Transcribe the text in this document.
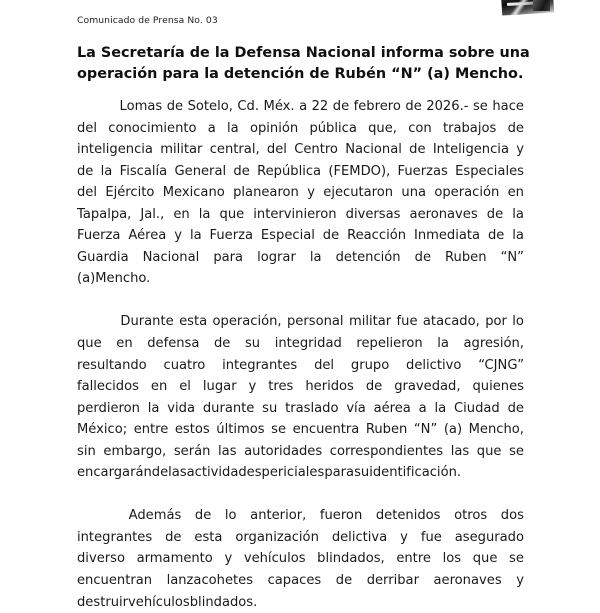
Comunicado de Prensa No. 03
La Secretaría de la Defensa Nacional informa sobre una
operación para la detención de Rubén “N” (a) Mencho.

Lomas de Sotelo, Cd. Méx. a 22 de febrero de 2026.- se hace
del conocimiento a la opinión pública que, con trabajos de
inteligencia militar central, del Centro Nacional de Inteligencia y
de la Fiscalía General de República (FEMDO), Fuerzas Especiales
del Ejército Mexicano planearon y ejecutaron una operación en
Tapalpa, Jal., en la que intervinieron diversas aeronaves de la
Fuerza Aérea y la Fuerza Especial de Reacción Inmediata de la
Guardia Nacional para lograr la detención de Ruben “N”
(a) Mencho.

Durante esta operación, personal militar fue atacado, por lo
que en defensa de su integridad repelieron la agresión,
resultando cuatro integrantes del grupo delictivo “CJNG”
fallecidos en el lugar y tres heridos de gravedad, quienes
perdieron la vida durante su traslado vía aérea a la Ciudad de
México; entre estos últimos se encuentra Ruben “N” (a) Mencho,
sin embargo, serán las autoridades correspondientes las que se
encargarán de las actividades periciales para su identificación.

Además de lo anterior, fueron detenidos otros dos
integrantes de esta organización delictiva y fue asegurado
diverso armamento y vehículos blindados, entre los que se
encuentran lanzacohetes capaces de derribar aeronaves y
destruir vehículos blindados.
